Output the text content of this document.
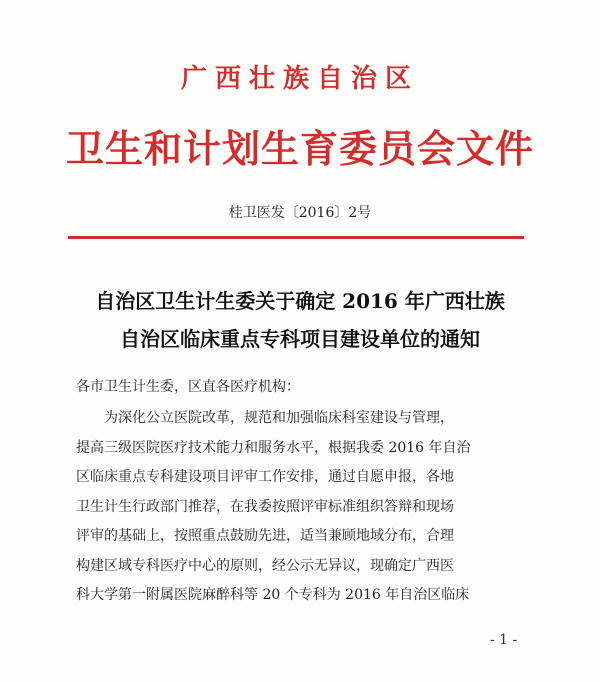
广西壮族自治区
卫生和计划生育委员会文件
桂卫医发〔2016〕2号
自治区卫生计生委关于确定 2016 年广西壮族
自治区临床重点专科项目建设单位的通知
各市卫生计生委，区直各医疗机构：
为深化公立医院改革，规范和加强临床科室建设与管理，
提高三级医院医疗技术能力和服务水平，根据我委 2016 年自治
区临床重点专科建设项目评审工作安排，通过自愿申报，各地
卫生计生行政部门推荐，在我委按照评审标准组织答辩和现场
评审的基础上，按照重点鼓励先进，适当兼顾地域分布，合理
构建区域专科医疗中心的原则，经公示无异议，现确定广西医
科大学第一附属医院麻醉科等 20 个专科为 2016 年自治区临床
- 1 -
